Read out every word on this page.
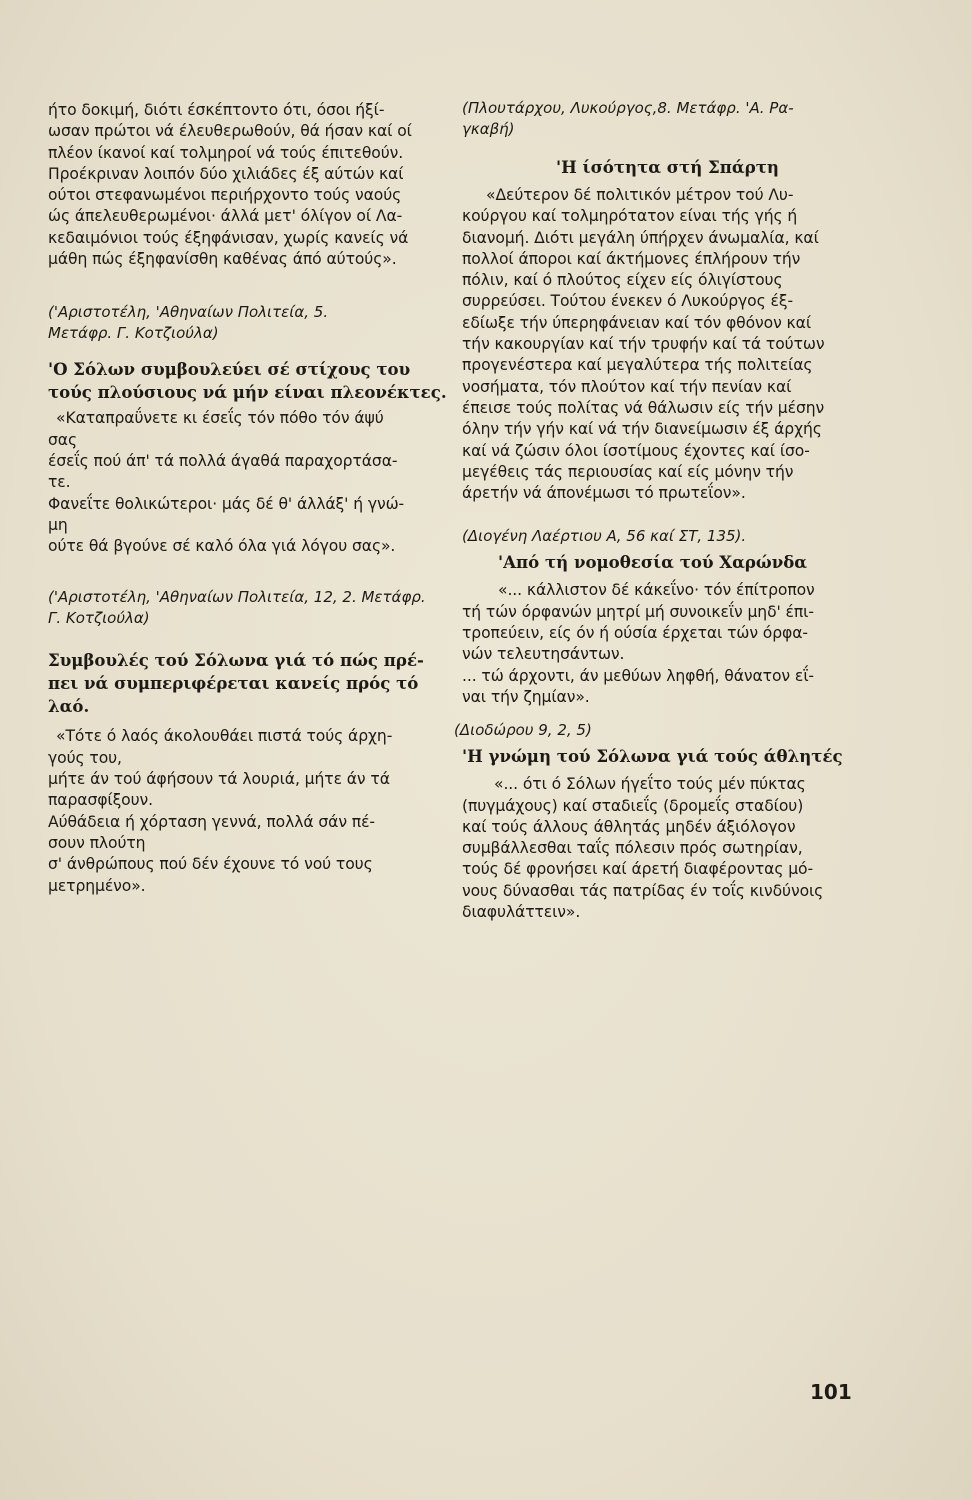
ήτο δοκιμή, διότι έσκέπτοντο ότι, όσοι ήξί-
ωσαν πρώτοι νά έλευθερωθούν, θά ήσαν καί οί
πλέον ίκανοί καί τολμηροί νά τούς έπιτεθούν.
Προέκριναν λοιπόν δύο χιλιάδες έξ αύτών καί
ούτοι στεφανωμένοι περιήρχοντο τούς ναούς
ώς άπελευθερωμένοι· άλλά μετ' όλίγον οί Λα-
κεδαιμόνιοι τούς έξηφάνισαν, χωρίς κανείς νά
μάθη πώς έξηφανίσθη καθένας άπό αύτούς».
('Αριστοτέλη, 'Αθηναίων Πολιτεία, 5.
Μετάφρ. Γ. Κοτζιούλα)
'Ο Σόλων συμβουλεύει σέ στίχους του
τούς πλούσιους νά μήν είναι πλεονέκτες.
«Καταπραΰνετε κι έσεΐς τόν πόθο τόν άψύ
σας
έσεΐς πού άπ' τά πολλά άγαθά παραχορτάσα-
τε.
Φανεΐτε θολικώτεροι· μάς δέ θ' άλλάξ' ή γνώ-
μη
ούτε θά βγούνε σέ καλό όλα γιά λόγου σας».
('Αριστοτέλη, 'Αθηναίων Πολιτεία, 12, 2. Μετάφρ.
Γ. Κοτζιούλα)
Συμβουλές τού Σόλωνα γιά τό πώς πρέ-
πει νά συμπεριφέρεται κανείς πρός τό
λαό.
«Τότε ό λαός άκολουθάει πιστά τούς άρχη-
γούς του,
μήτε άν τού άφήσουν τά λουριά, μήτε άν τά
παρασφίξουν.
Αύθάδεια ή χόρταση γεννά, πολλά σάν πέ-
σουν πλούτη
σ' άνθρώπους πού δέν έχουνε τό νού τους
μετρημένο».
(Πλουτάρχου, Λυκούργος,8. Μετάφρ. 'Α. Ρα-
γκαβή)
'Η ίσότητα στή Σπάρτη
«Δεύτερον δέ πολιτικόν μέτρον τού Λυ-
κούργου καί τολμηρότατον είναι τής γής ή
διανομή. Διότι μεγάλη ύπήρχεν άνωμαλία, καί
πολλοί άποροι καί άκτήμονες έπλήρουν τήν
πόλιν, καί ό πλούτος είχεν είς όλιγίστους
συρρεύσει. Τούτου ένεκεν ό Λυκούργος έξ-
εδίωξε τήν ύπερηφάνειαν καί τόν φθόνον καί
τήν κακουργίαν καί τήν τρυφήν καί τά τούτων
προγενέστερα καί μεγαλύτερα τής πολιτείας
νοσήματα, τόν πλούτον καί τήν πενίαν καί
έπεισε τούς πολίτας νά θάλωσιν είς τήν μέσην
όλην τήν γήν καί νά τήν διανείμωσιν έξ άρχής
καί νά ζώσιν όλοι ίσοτίμους έχοντες καί ίσο-
μεγέθεις τάς περιουσίας καί είς μόνην τήν
άρετήν νά άπονέμωσι τό πρωτεΐον».
(Διογένη Λαέρτιου Α, 56 καί ΣΤ, 135).
'Από τή νομοθεσία τού Χαρώνδα
«... κάλλιστον δέ κάκεΐνο· τόν έπίτροπον
τή τών όρφανών μητρί μή συνοικεΐν μηδ' έπι-
τροπεύειν, είς όν ή ούσία έρχεται τών όρφα-
νών τελευτησάντων.
... τώ άρχοντι, άν μεθύων ληφθή, θάνατον εΐ-
ναι τήν ζημίαν».
(Διοδώρου 9, 2, 5)
'Η γνώμη τού Σόλωνα γιά τούς άθλητές
«... ότι ό Σόλων ήγεΐτο τούς μέν πύκτας
(πυγμάχους) καί σταδιεΐς (δρομεΐς σταδίου)
καί τούς άλλους άθλητάς μηδέν άξιόλογον
συμβάλλεσθαι ταΐς πόλεσιν πρός σωτηρίαν,
τούς δέ φρονήσει καί άρετή διαφέροντας μό-
νους δύνασθαι τάς πατρίδας έν τοΐς κινδύνοις
διαφυλάττειν».
101
